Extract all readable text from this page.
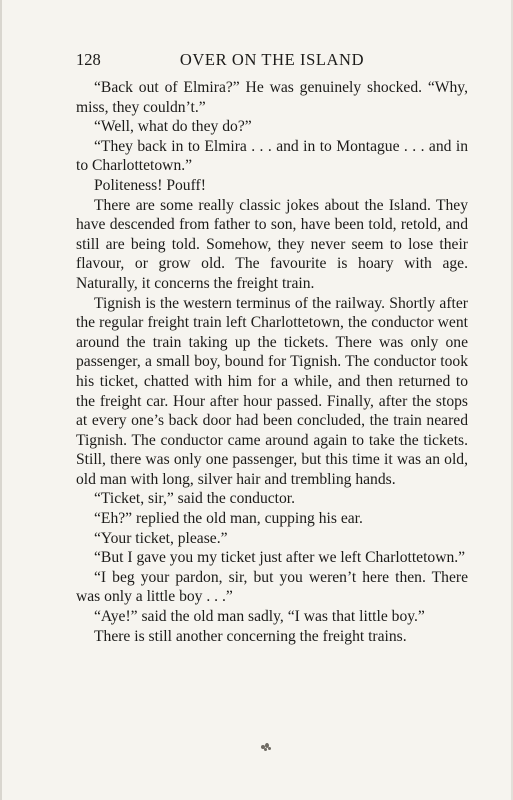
128	OVER ON THE ISLAND

“Back out of Elmira?” He was genuinely shocked. “Why, miss, they couldn’t.”

“Well, what do they do?”

“They back in to Elmira . . . and in to Montague . . . and in to Charlottetown.”

Politeness! Pouff!

There are some really classic jokes about the Island. They have descended from father to son, have been told, retold, and still are being told. Somehow, they never seem to lose their flavour, or grow old. The favourite is hoary with age. Naturally, it concerns the freight train.

Tignish is the western terminus of the railway. Shortly after the regular freight train left Charlottetown, the conductor went around the train taking up the tickets. There was only one passenger, a small boy, bound for Tignish. The conductor took his ticket, chatted with him for a while, and then returned to the freight car. Hour after hour passed. Finally, after the stops at every one’s back door had been concluded, the train neared Tignish. The conductor came around again to take the tickets. Still, there was only one passenger, but this time it was an old, old man with long, silver hair and trembling hands.

“Ticket, sir,” said the conductor.

“Eh?” replied the old man, cupping his ear.

“Your ticket, please.”

“But I gave you my ticket just after we left Charlottetown.”

“I beg your pardon, sir, but you weren’t here then. There was only a little boy . . .”

“Aye!” said the old man sadly, “I was that little boy.”

There is still another concerning the freight trains.
